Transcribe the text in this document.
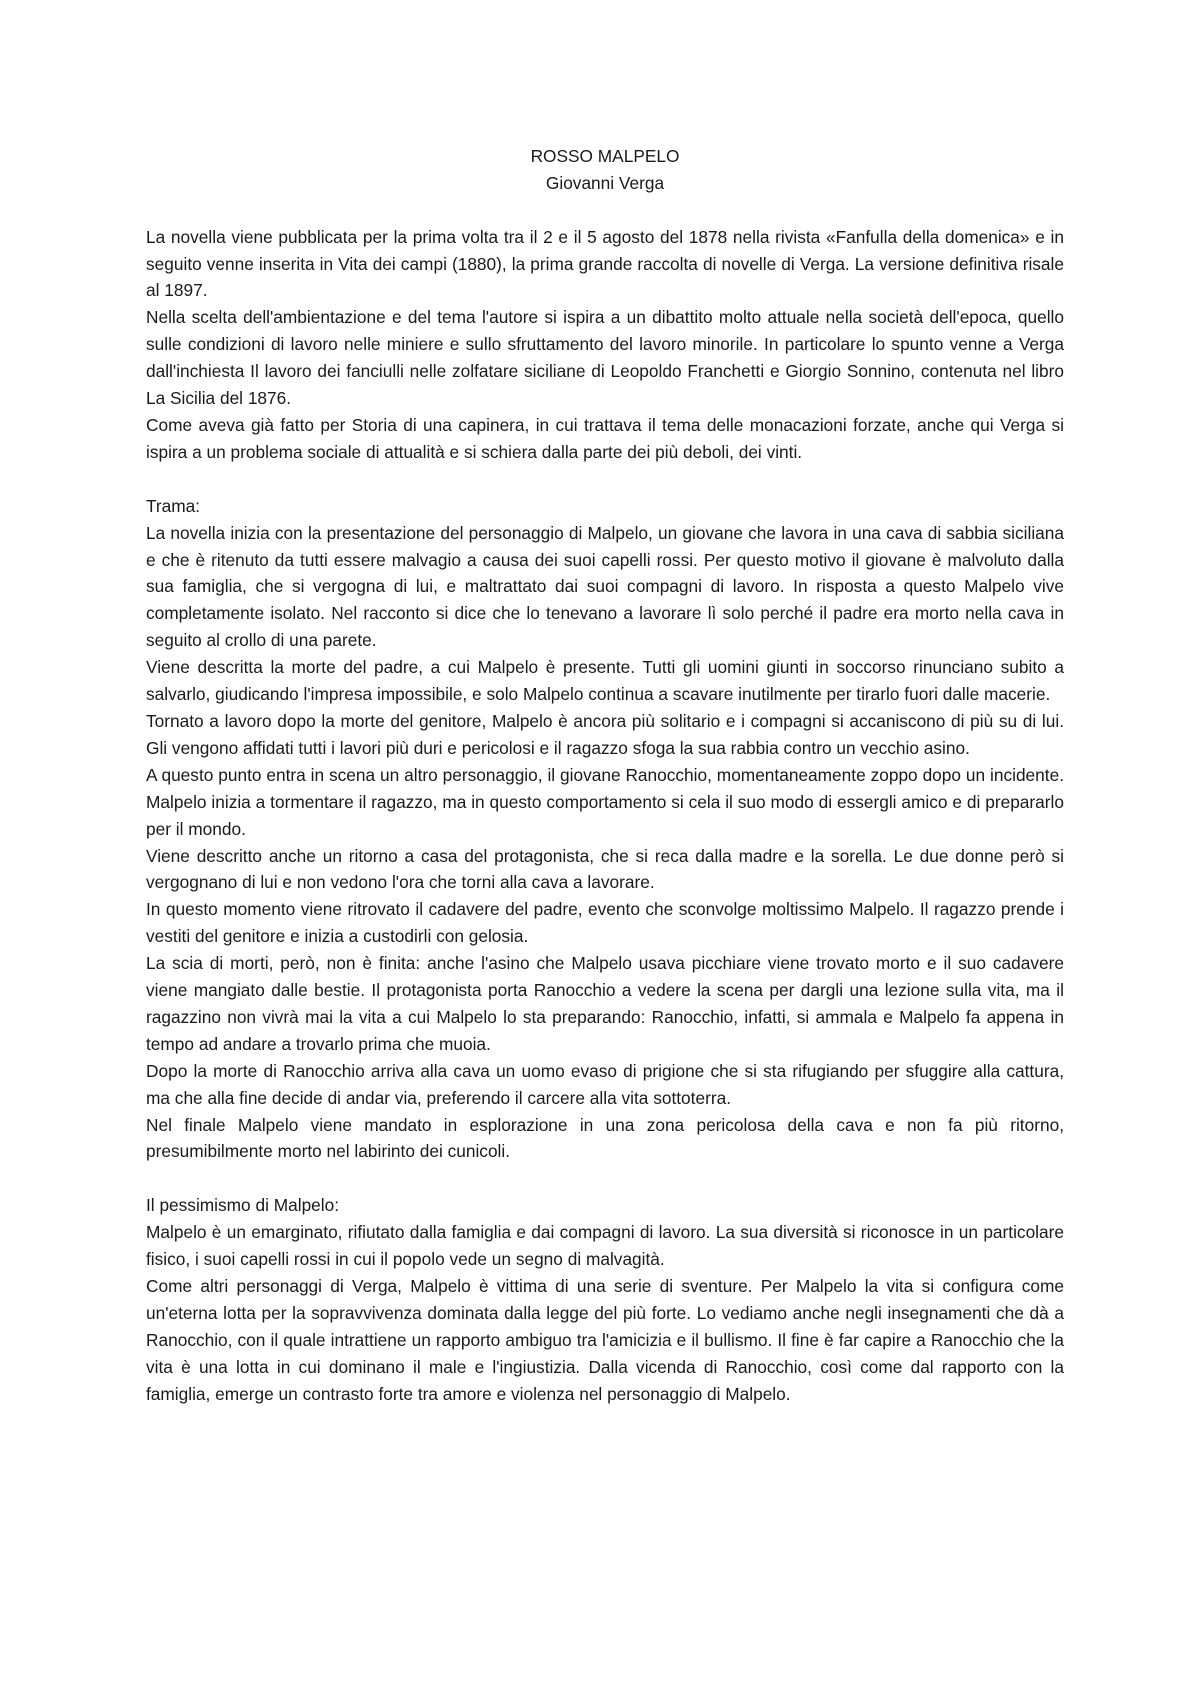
ROSSO MALPELO
Giovanni Verga

La novella viene pubblicata per la prima volta tra il 2 e il 5 agosto del 1878 nella rivista «Fanfulla della domenica» e in seguito venne inserita in Vita dei campi (1880), la prima grande raccolta di novelle di Verga. La versione definitiva risale al 1897.

Nella scelta dell'ambientazione e del tema l'autore si ispira a un dibattito molto attuale nella società dell'epoca, quello sulle condizioni di lavoro nelle miniere e sullo sfruttamento del lavoro minorile. In particolare lo spunto venne a Verga dall'inchiesta Il lavoro dei fanciulli nelle zolfatare siciliane di Leopoldo Franchetti e Giorgio Sonnino, contenuta nel libro La Sicilia del 1876.

Come aveva già fatto per Storia di una capinera, in cui trattava il tema delle monacazioni forzate, anche qui Verga si ispira a un problema sociale di attualità e si schiera dalla parte dei più deboli, dei vinti.

Trama:

La novella inizia con la presentazione del personaggio di Malpelo, un giovane che lavora in una cava di sabbia siciliana e che è ritenuto da tutti essere malvagio a causa dei suoi capelli rossi. Per questo motivo il giovane è malvoluto dalla sua famiglia, che si vergogna di lui, e maltrattato dai suoi compagni di lavoro. In risposta a questo Malpelo vive completamente isolato. Nel racconto si dice che lo tenevano a lavorare lì solo perché il padre era morto nella cava in seguito al crollo di una parete.

Viene descritta la morte del padre, a cui Malpelo è presente. Tutti gli uomini giunti in soccorso rinunciano subito a salvarlo, giudicando l'impresa impossibile, e solo Malpelo continua a scavare inutilmente per tirarlo fuori dalle macerie.

Tornato a lavoro dopo la morte del genitore, Malpelo è ancora più solitario e i compagni si accaniscono di più su di lui. Gli vengono affidati tutti i lavori più duri e pericolosi e il ragazzo sfoga la sua rabbia contro un vecchio asino.

A questo punto entra in scena un altro personaggio, il giovane Ranocchio, momentaneamente zoppo dopo un incidente. Malpelo inizia a tormentare il ragazzo, ma in questo comportamento si cela il suo modo di essergli amico e di prepararlo per il mondo.

Viene descritto anche un ritorno a casa del protagonista, che si reca dalla madre e la sorella. Le due donne però si vergognano di lui e non vedono l'ora che torni alla cava a lavorare.

In questo momento viene ritrovato il cadavere del padre, evento che sconvolge moltissimo Malpelo. Il ragazzo prende i vestiti del genitore e inizia a custodirli con gelosia.

La scia di morti, però, non è finita: anche l'asino che Malpelo usava picchiare viene trovato morto e il suo cadavere viene mangiato dalle bestie. Il protagonista porta Ranocchio a vedere la scena per dargli una lezione sulla vita, ma il ragazzino non vivrà mai la vita a cui Malpelo lo sta preparando: Ranocchio, infatti, si ammala e Malpelo fa appena in tempo ad andare a trovarlo prima che muoia.

Dopo la morte di Ranocchio arriva alla cava un uomo evaso di prigione che si sta rifugiando per sfuggire alla cattura, ma che alla fine decide di andar via, preferendo il carcere alla vita sottoterra.

Nel finale Malpelo viene mandato in esplorazione in una zona pericolosa della cava e non fa più ritorno, presumibilmente morto nel labirinto dei cunicoli.

Il pessimismo di Malpelo:

Malpelo è un emarginato, rifiutato dalla famiglia e dai compagni di lavoro. La sua diversità si riconosce in un particolare fisico, i suoi capelli rossi in cui il popolo vede un segno di malvagità.

Come altri personaggi di Verga, Malpelo è vittima di una serie di sventure. Per Malpelo la vita si configura come un'eterna lotta per la sopravvivenza dominata dalla legge del più forte. Lo vediamo anche negli insegnamenti che dà a Ranocchio, con il quale intrattiene un rapporto ambiguo tra l'amicizia e il bullismo. Il fine è far capire a Ranocchio che la vita è una lotta in cui dominano il male e l'ingiustizia. Dalla vicenda di Ranocchio, così come dal rapporto con la famiglia, emerge un contrasto forte tra amore e violenza nel personaggio di Malpelo.
